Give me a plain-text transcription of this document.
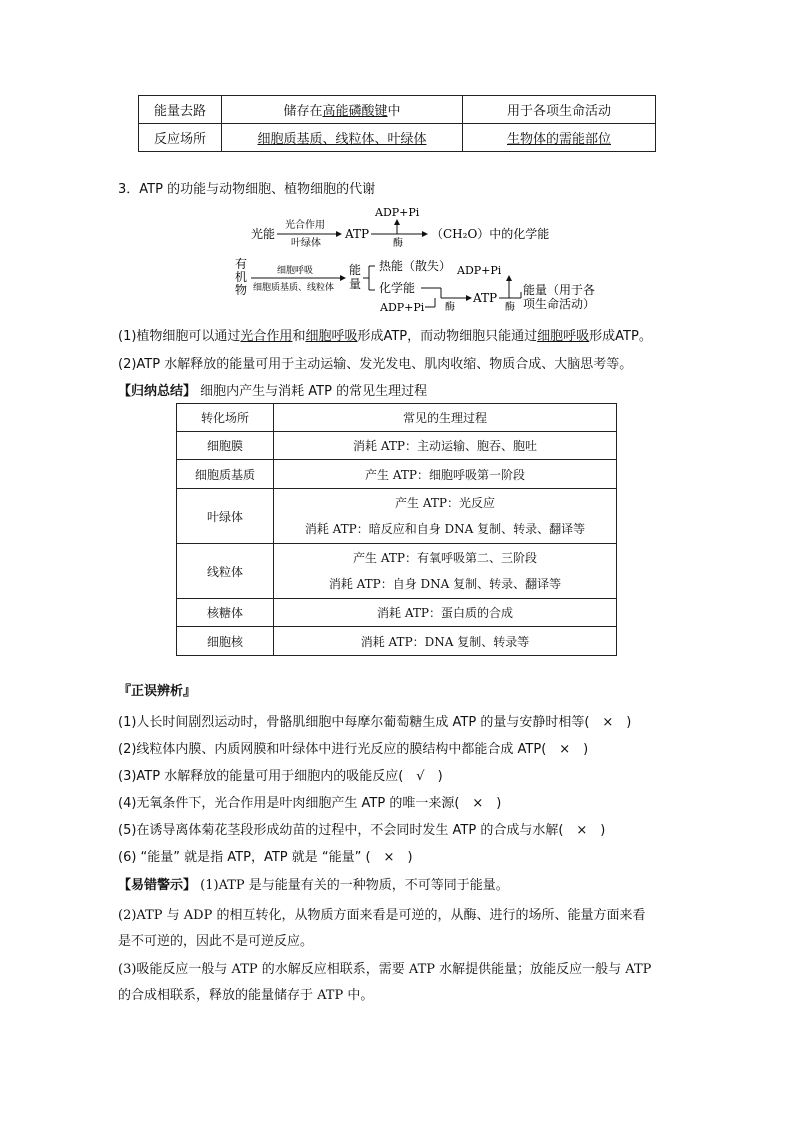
能量去路	储存在高能磷酸键中	用于各项生命活动
反应场所	细胞质基质、线粒体、叶绿体	生物体的需能部位
3．ATP 的功能与动物细胞、植物细胞的代谢
光能
光合作用
叶绿体
ATP
ADP+Pi
酶
（CH₂O）中的化学能
有
机
物
细胞呼吸
细胞质基质、线粒体
能
量
热能（散失）
化学能
ADP+Pi 酶
ATP
ADP+Pi
酶
能量（用于各
项生命活动）
(1)植物细胞可以通过光合作用和细胞呼吸形成ATP，而动物细胞只能通过细胞呼吸形成ATP。
(2)ATP 水解释放的能量可用于主动运输、发光发电、肌肉收缩、物质合成、大脑思考等。
【归纳总结】 细胞内产生与消耗 ATP 的常见生理过程
转化场所	常见的生理过程
细胞膜	消耗 ATP：主动运输、胞吞、胞吐
细胞质基质	产生 ATP：细胞呼吸第一阶段
叶绿体	产生 ATP：光反应
消耗 ATP：暗反应和自身 DNA 复制、转录、翻译等

线粒体	产生 ATP：有氧呼吸第二、三阶段
消耗 ATP：自身 DNA 复制、转录、翻译等

核糖体	消耗 ATP：蛋白质的合成
细胞核	消耗 ATP：DNA 复制、转录等
『正误辨析』
(1)人长时间剧烈运动时，骨骼肌细胞中每摩尔葡萄糖生成 ATP 的量与安静时相等(　×　)
(2)线粒体内膜、内质网膜和叶绿体中进行光反应的膜结构中都能合成 ATP(　×　)
(3)ATP 水解释放的能量可用于细胞内的吸能反应(　√　)
(4)无氧条件下，光合作用是叶肉细胞产生 ATP 的唯一来源(　×　)
(5)在诱导离体菊花茎段形成幼苗的过程中，不会同时发生 ATP 的合成与水解(　×　)
(6) “能量” 就是指 ATP，ATP 就是 “能量” (　×　)
【易错警示】 (1)ATP 是与能量有关的一种物质，不可等同于能量。
(2)ATP 与 ADP 的相互转化，从物质方面来看是可逆的，从酶、进行的场所、能量方面来看
是不可逆的，因此不是可逆反应。
(3)吸能反应一般与 ATP 的水解反应相联系，需要 ATP 水解提供能量；放能反应一般与 ATP
的合成相联系，释放的能量储存于 ATP 中。
